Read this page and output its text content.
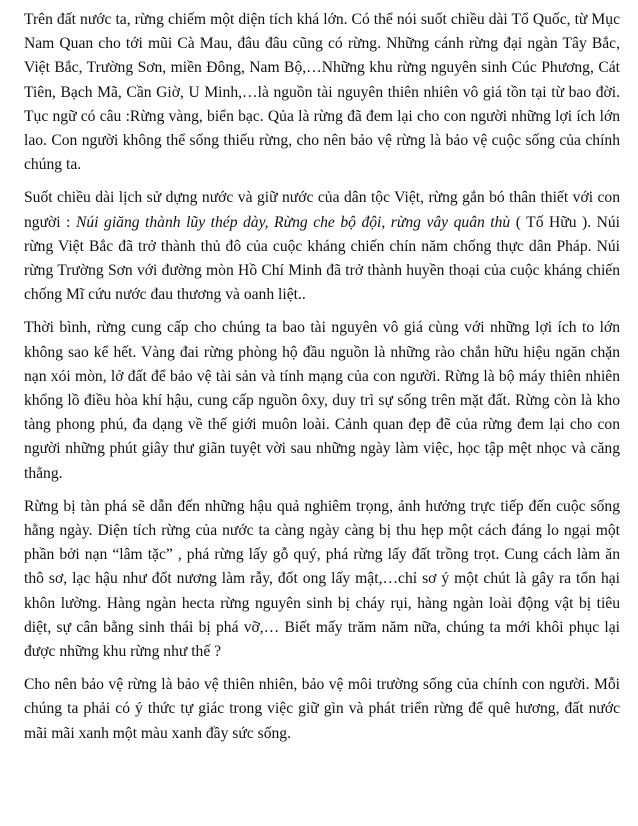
Trên đất nước ta, rừng chiếm một diện tích khá lớn. Có thể nói suốt chiều dài Tổ Quốc, từ Mục Nam Quan cho tới mũi Cà Mau, đâu đâu cũng có rừng. Những cánh rừng đại ngàn Tây Bắc, Việt Bắc, Trường Sơn, miền Đông, Nam Bộ,…Những khu rừng nguyên sinh Cúc Phương, Cát Tiên, Bạch Mã, Cần Giờ, U Minh,…là nguồn tài nguyên thiên nhiên vô giá tồn tại từ bao đời. Tục ngữ có câu :Rừng vàng, biển bạc. Qủa là rừng đã đem lại cho con người những lợi ích lớn lao. Con người không thể sống thiếu rừng, cho nên bảo vệ rừng là bảo vệ cuộc sống của chính chúng ta.

Suốt chiều dài lịch sử dựng nước và giữ nước của dân tộc Việt, rừng gắn bó thân thiết với con người : Núi giăng thành lũy thép dày, Rừng che bộ đội, rừng vây quân thù ( Tố Hữu ). Núi rừng Việt Bắc đã trở thành thủ đô của cuộc kháng chiến chín năm chống thực dân Pháp. Núi rừng Trường Sơn với đường mòn Hồ Chí Minh đã trở thành huyền thoại của cuộc kháng chiến chống Mĩ cứu nước đau thương và oanh liệt..

Thời bình, rừng cung cấp cho chúng ta bao tài nguyên vô giá cùng với những lợi ích to lớn không sao kể hết. Vàng đai rừng phòng hộ đầu nguồn là những rào chắn hữu hiệu ngăn chặn nạn xói mòn, lở đất để bảo vệ tài sản và tính mạng của con người. Rừng là bộ máy thiên nhiên khổng lồ điều hòa khí hậu, cung cấp nguồn ôxy, duy trì sự sống trên mặt đất. Rừng còn là kho tàng phong phú, đa dạng về thế giới muôn loài. Cảnh quan đẹp đẽ của rừng đem lại cho con người những phút giây thư giãn tuyệt vời sau những ngày làm việc, học tập mệt nhọc và căng thẳng.

Rừng bị tàn phá sẽ dẫn đến những hậu quả nghiêm trọng, ảnh hưởng trực tiếp đến cuộc sống hằng ngày. Diện tích rừng của nước ta càng ngày càng bị thu hẹp một cách đáng lo ngại một phần bởi nạn “lâm tặc” , phá rừng lấy gỗ quý, phá rừng lấy đất trồng trọt. Cung cách làm ăn thô sơ, lạc hậu như đốt nương làm rẫy, đốt ong lấy mật,…chỉ sơ ý một chút là gây ra tổn hại khôn lường. Hàng ngàn hecta rừng nguyên sinh bị cháy rụi, hàng ngàn loài động vật bị tiêu diệt, sự cân bằng sinh thái bị phá vỡ,… Biết mấy trăm năm nữa, chúng ta mới khôi phục lại được những khu rừng như thế ?

Cho nên bảo vệ rừng là bảo vệ thiên nhiên, bảo vệ môi trường sống của chính con người. Mỗi chúng ta phải có ý thức tự giác trong việc giữ gìn và phát triển rừng để quê hương, đất nước mãi mãi xanh một màu xanh đầy sức sống.
